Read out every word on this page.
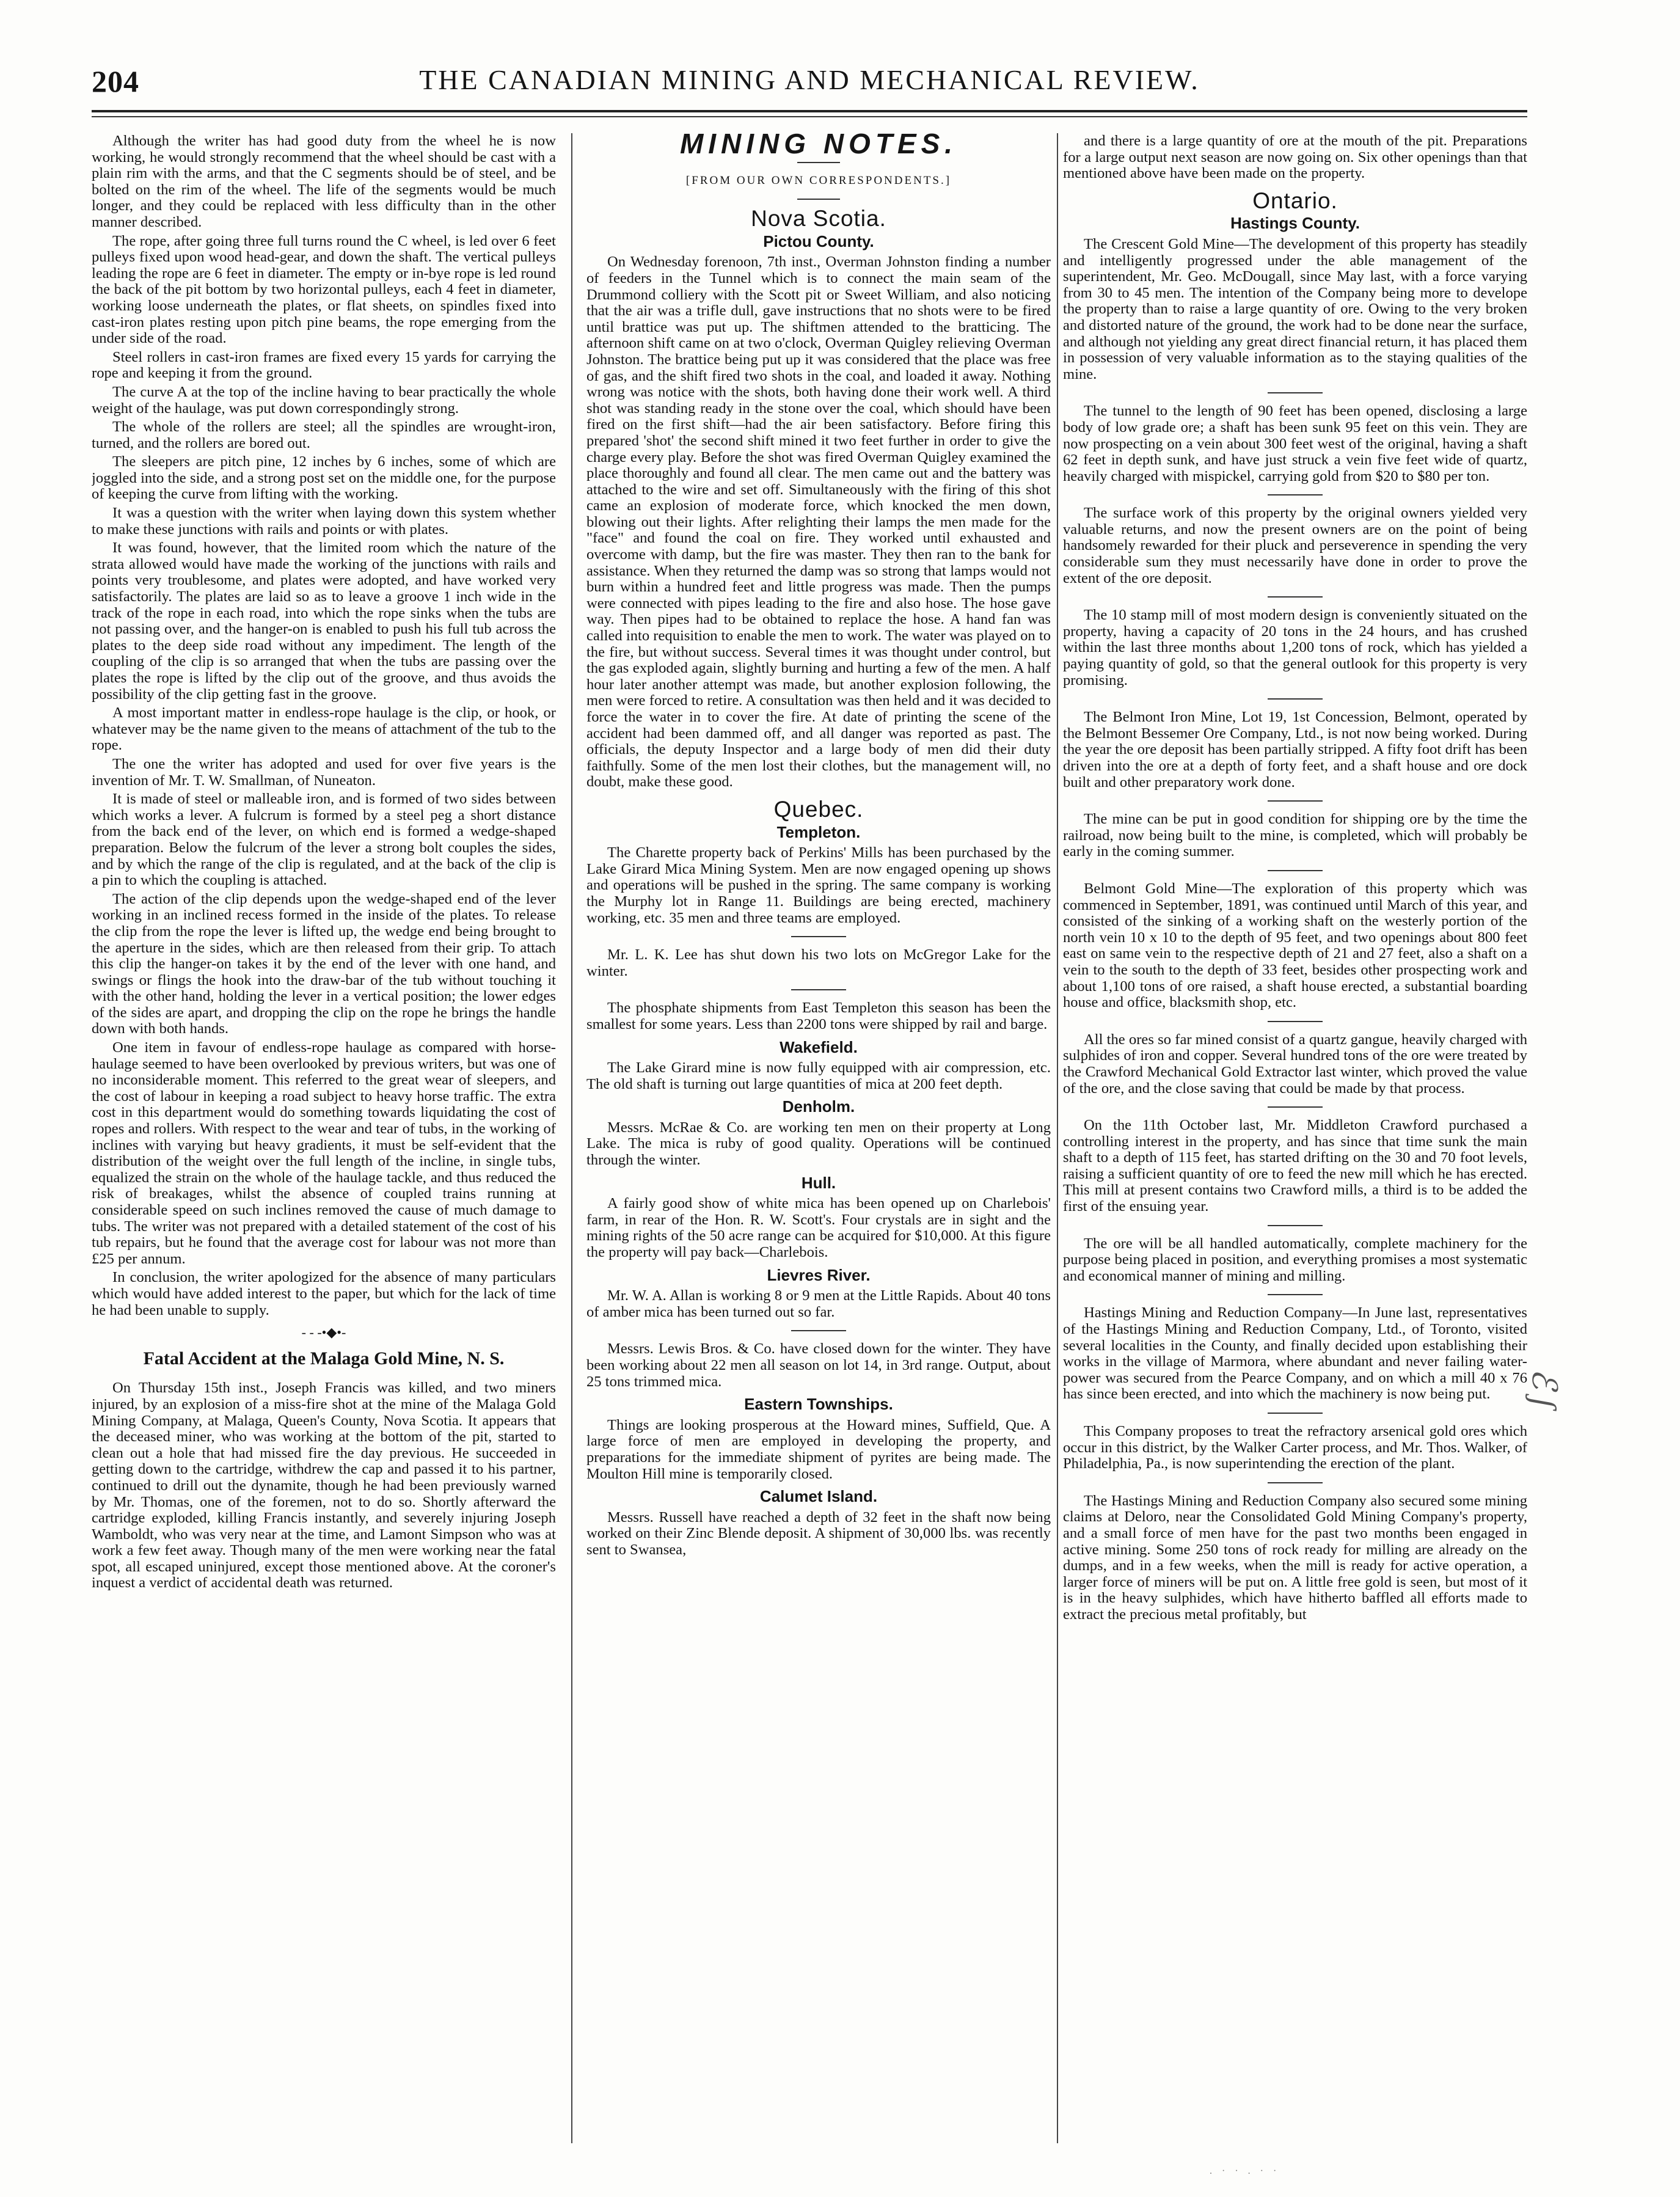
204	THE CANADIAN MINING AND MECHANICAL REVIEW.

Although the writer has had good duty from the wheel he is now working, he would strongly recommend that the wheel should be cast with a plain rim with the arms, and that the C segments should be of steel, and be bolted on the rim of the wheel. The life of the segments would be much longer, and they could be replaced with less difficulty than in the other manner described.

The rope, after going three full turns round the C wheel, is led over 6 feet pulleys fixed upon wood head-gear, and down the shaft. The vertical pulleys leading the rope are 6 feet in diameter. The empty or in-bye rope is led round the back of the pit bottom by two horizontal pulleys, each 4 feet in diameter, working loose underneath the plates, or flat sheets, on spindles fixed into cast-iron plates resting upon pitch pine beams, the rope emerging from the under side of the road.

Steel rollers in cast-iron frames are fixed every 15 yards for carrying the rope and keeping it from the ground.

The curve A at the top of the incline having to bear practically the whole weight of the haulage, was put down correspondingly strong.

The whole of the rollers are steel; all the spindles are wrought-iron, turned, and the rollers are bored out.

The sleepers are pitch pine, 12 inches by 6 inches, some of which are joggled into the side, and a strong post set on the middle one, for the purpose of keeping the curve from lifting with the working.

It was a question with the writer when laying down this system whether to make these junctions with rails and points or with plates.

It was found, however, that the limited room which the nature of the strata allowed would have made the working of the junctions with rails and points very troublesome, and plates were adopted, and have worked very satisfactorily. The plates are laid so as to leave a groove 1 inch wide in the track of the rope in each road, into which the rope sinks when the tubs are not passing over, and the hanger-on is enabled to push his full tub across the plates to the deep side road without any impediment. The length of the coupling of the clip is so arranged that when the tubs are passing over the plates the rope is lifted by the clip out of the groove, and thus avoids the possibility of the clip getting fast in the groove.

A most important matter in endless-rope haulage is the clip, or hook, or whatever may be the name given to the means of attachment of the tub to the rope.

The one the writer has adopted and used for over five years is the invention of Mr. T. W. Smallman, of Nuneaton.

It is made of steel or malleable iron, and is formed of two sides between which works a lever. A fulcrum is formed by a steel peg a short distance from the back end of the lever, on which end is formed a wedge-shaped preparation. Below the fulcrum of the lever a strong bolt couples the sides, and by which the range of the clip is regulated, and at the back of the clip is a pin to which the coupling is attached.

The action of the clip depends upon the wedge-shaped end of the lever working in an inclined recess formed in the inside of the plates. To release the clip from the rope the lever is lifted up, the wedge end being brought to the aperture in the sides, which are then released from their grip. To attach this clip the hanger-on takes it by the end of the lever with one hand, and swings or flings the hook into the draw-bar of the tub without touching it with the other hand, holding the lever in a vertical position; the lower edges of the sides are apart, and dropping the clip on the rope he brings the handle down with both hands.

One item in favour of endless-rope haulage as compared with horse-haulage seemed to have been overlooked by previous writers, but was one of no inconsiderable moment. This referred to the great wear of sleepers, and the cost of labour in keeping a road subject to heavy horse traffic. The extra cost in this department would do something towards liquidating the cost of ropes and rollers. With respect to the wear and tear of tubs, in the working of inclines with varying but heavy gradients, it must be self-evident that the distribution of the weight over the full length of the incline, in single tubs, equalized the strain on the whole of the haulage tackle, and thus reduced the risk of breakages, whilst the absence of coupled trains running at considerable speed on such inclines removed the cause of much damage to tubs. The writer was not prepared with a detailed statement of the cost of his tub repairs, but he found that the average cost for labour was not more than £25 per annum.

In conclusion, the writer apologized for the absence of many particulars which would have added interest to the paper, but which for the lack of time he had been unable to supply.

- - -•◆•-
Fatal Accident at the Malaga Gold Mine, N. S.

On Thursday 15th inst., Joseph Francis was killed, and two miners injured, by an explosion of a miss-fire shot at the mine of the Malaga Gold Mining Company, at Malaga, Queen's County, Nova Scotia. It appears that the deceased miner, who was working at the bottom of the pit, started to clean out a hole that had missed fire the day previous. He succeeded in getting down to the cartridge, withdrew the cap and passed it to his partner, continued to drill out the dynamite, though he had been previously warned by Mr. Thomas, one of the foremen, not to do so. Shortly afterward the cartridge exploded, killing Francis instantly, and severely injuring Joseph Wamboldt, who was very near at the time, and Lamont Simpson who was at work a few feet away. Though many of the men were working near the fatal spot, all escaped uninjured, except those mentioned above. At the coroner's inquest a verdict of accidental death was returned.

MINING NOTES.
[FROM OUR OWN CORRESPONDENTS.]
Nova Scotia.
Pictou County.

On Wednesday forenoon, 7th inst., Overman Johnston finding a number of feeders in the Tunnel which is to connect the main seam of the Drummond colliery with the Scott pit or Sweet William, and also noticing that the air was a trifle dull, gave instructions that no shots were to be fired until brattice was put up. The shiftmen attended to the bratticing. The afternoon shift came on at two o'clock, Overman Quigley relieving Overman Johnston. The brattice being put up it was considered that the place was free of gas, and the shift fired two shots in the coal, and loaded it away. Nothing wrong was notice with the shots, both having done their work well. A third shot was standing ready in the stone over the coal, which should have been fired on the first shift—had the air been satisfactory. Before firing this prepared 'shot' the second shift mined it two feet further in order to give the charge every play. Before the shot was fired Overman Quigley examined the place thoroughly and found all clear. The men came out and the battery was attached to the wire and set off. Simultaneously with the firing of this shot came an explosion of moderate force, which knocked the men down, blowing out their lights. After relighting their lamps the men made for the "face" and found the coal on fire. They worked until exhausted and overcome with damp, but the fire was master. They then ran to the bank for assistance. When they returned the damp was so strong that lamps would not burn within a hundred feet and little progress was made. Then the pumps were connected with pipes leading to the fire and also hose. The hose gave way. Then pipes had to be obtained to replace the hose. A hand fan was called into requisition to enable the men to work. The water was played on to the fire, but without success. Several times it was thought under control, but the gas exploded again, slightly burning and hurting a few of the men. A half hour later another attempt was made, but another explosion following, the men were forced to retire. A consultation was then held and it was decided to force the water in to cover the fire. At date of printing the scene of the accident had been dammed off, and all danger was reported as past. The officials, the deputy Inspector and a large body of men did their duty faithfully. Some of the men lost their clothes, but the management will, no doubt, make these good.

Quebec.
Templeton.

The Charette property back of Perkins' Mills has been purchased by the Lake Girard Mica Mining System. Men are now engaged opening up shows and operations will be pushed in the spring. The same company is working the Murphy lot in Range 11. Buildings are being erected, machinery working, etc. 35 men and three teams are employed.

Mr. L. K. Lee has shut down his two lots on McGregor Lake for the winter.

The phosphate shipments from East Templeton this season has been the smallest for some years. Less than 2200 tons were shipped by rail and barge.

Wakefield.

The Lake Girard mine is now fully equipped with air compression, etc. The old shaft is turning out large quantities of mica at 200 feet depth.

Denholm.

Messrs. McRae & Co. are working ten men on their property at Long Lake. The mica is ruby of good quality. Operations will be continued through the winter.

Hull.

A fairly good show of white mica has been opened up on Charlebois' farm, in rear of the Hon. R. W. Scott's. Four crystals are in sight and the mining rights of the 50 acre range can be acquired for $10,000. At this figure the property will pay back—Charlebois.

Lievres River.

Mr. W. A. Allan is working 8 or 9 men at the Little Rapids. About 40 tons of amber mica has been turned out so far.

Messrs. Lewis Bros. & Co. have closed down for the winter. They have been working about 22 men all season on lot 14, in 3rd range. Output, about 25 tons trimmed mica.

Eastern Townships.

Things are looking prosperous at the Howard mines, Suffield, Que. A large force of men are employed in developing the property, and preparations for the immediate shipment of pyrites are being made. The Moulton Hill mine is temporarily closed.

Calumet Island.

Messrs. Russell have reached a depth of 32 feet in the shaft now being worked on their Zinc Blende deposit. A shipment of 30,000 lbs. was recently sent to Swansea,

and there is a large quantity of ore at the mouth of the pit. Preparations for a large output next season are now going on. Six other openings than that mentioned above have been made on the property.

Ontario.
Hastings County.

The Crescent Gold Mine—The development of this property has steadily and intelligently progressed under the able management of the superintendent, Mr. Geo. McDougall, since May last, with a force varying from 30 to 45 men. The intention of the Company being more to develope the property than to raise a large quantity of ore. Owing to the very broken and distorted nature of the ground, the work had to be done near the surface, and although not yielding any great direct financial return, it has placed them in possession of very valuable information as to the staying qualities of the mine.

The tunnel to the length of 90 feet has been opened, disclosing a large body of low grade ore; a shaft has been sunk 95 feet on this vein. They are now prospecting on a vein about 300 feet west of the original, having a shaft 62 feet in depth sunk, and have just struck a vein five feet wide of quartz, heavily charged with mispickel, carrying gold from $20 to $80 per ton.

The surface work of this property by the original owners yielded very valuable returns, and now the present owners are on the point of being handsomely rewarded for their pluck and perseverence in spending the very considerable sum they must necessarily have done in order to prove the extent of the ore deposit.

The 10 stamp mill of most modern design is conveniently situated on the property, having a capacity of 20 tons in the 24 hours, and has crushed within the last three months about 1,200 tons of rock, which has yielded a paying quantity of gold, so that the general outlook for this property is very promising.

The Belmont Iron Mine, Lot 19, 1st Concession, Belmont, operated by the Belmont Bessemer Ore Company, Ltd., is not now being worked. During the year the ore deposit has been partially stripped. A fifty foot drift has been driven into the ore at a depth of forty feet, and a shaft house and ore dock built and other preparatory work done.

The mine can be put in good condition for shipping ore by the time the railroad, now being built to the mine, is completed, which will probably be early in the coming summer.

Belmont Gold Mine—The exploration of this property which was commenced in September, 1891, was continued until March of this year, and consisted of the sinking of a working shaft on the westerly portion of the north vein 10 x 10 to the depth of 95 feet, and two openings about 800 feet east on same vein to the respective depth of 21 and 27 feet, also a shaft on a vein to the south to the depth of 33 feet, besides other prospecting work and about 1,100 tons of ore raised, a shaft house erected, a substantial boarding house and office, blacksmith shop, etc.

All the ores so far mined consist of a quartz gangue, heavily charged with sulphides of iron and copper. Several hundred tons of the ore were treated by the Crawford Mechanical Gold Extractor last winter, which proved the value of the ore, and the close saving that could be made by that process.

On the 11th October last, Mr. Middleton Crawford purchased a controlling interest in the property, and has since that time sunk the main shaft to a depth of 115 feet, has started drifting on the 30 and 70 foot levels, raising a sufficient quantity of ore to feed the new mill which he has erected. This mill at present contains two Crawford mills, a third is to be added the first of the ensuing year.

The ore will be all handled automatically, complete machinery for the purpose being placed in position, and everything promises a most systematic and economical manner of mining and milling.

Hastings Mining and Reduction Company—In June last, representatives of the Hastings Mining and Reduction Company, Ltd., of Toronto, visited several localities in the County, and finally decided upon establishing their works in the village of Marmora, where abundant and never failing water-power was secured from the Pearce Company, and on which a mill 40 x 76 has since been erected, and into which the machinery is now being put.

This Company proposes to treat the refractory arsenical gold ores which occur in this district, by the Walker Carter process, and Mr. Thos. Walker, of Philadelphia, Pa., is now superintending the erection of the plant.

The Hastings Mining and Reduction Company also secured some mining claims at Deloro, near the Consolidated Gold Mining Company's property, and a small force of men have for the past two months been engaged in active mining. Some 250 tons of rock ready for milling are already on the dumps, and in a few weeks, when the mill is ready for active operation, a larger force of miners will be put on. A little free gold is seen, but most of it is in the heavy sulphides, which have hitherto baffled all efforts made to extract the precious metal profitably, but

ℰ ʃ
. · · . · ·
